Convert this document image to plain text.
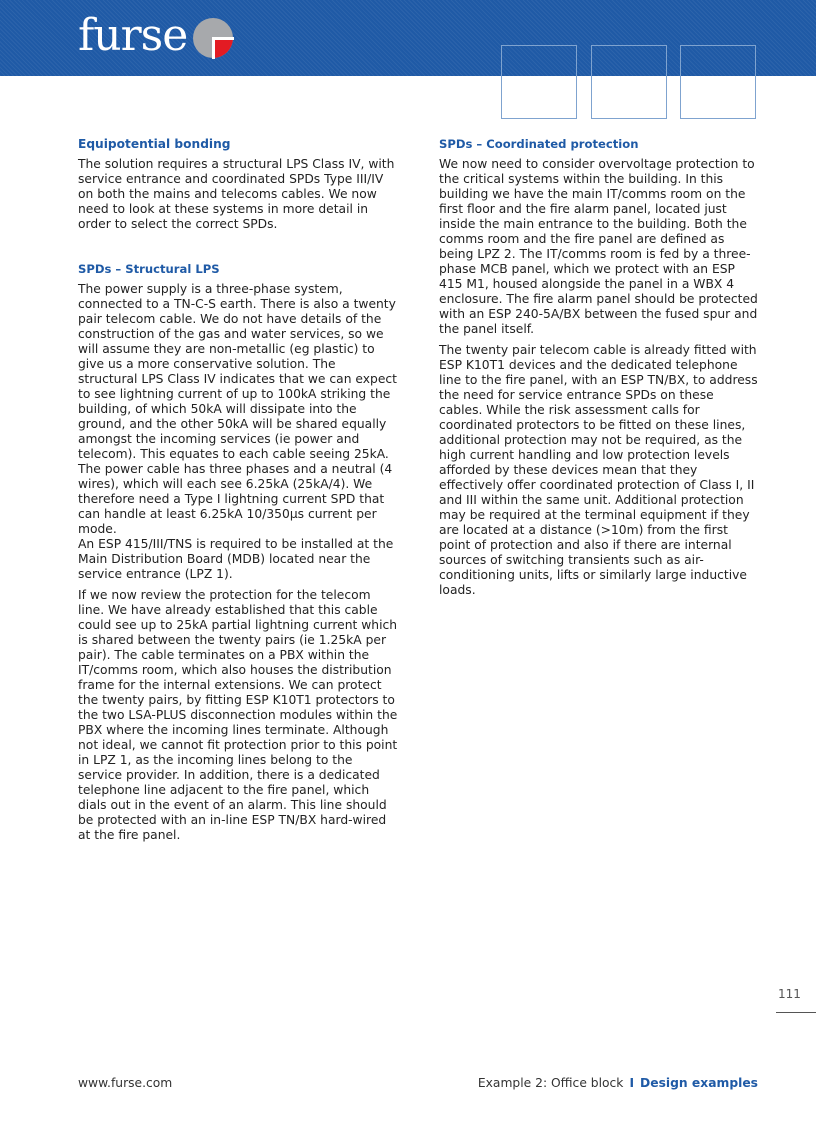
furse
Equipotential bonding
The solution requires a structural LPS Class IV, with service entrance and coordinated SPDs Type III/IV on both the mains and telecoms cables. We now need to look at these systems in more detail in order to select the correct SPDs.
SPDs – Structural LPS
The power supply is a three-phase system, connected to a TN-C-S earth. There is also a twenty pair telecom cable. We do not have details of the construction of the gas and water services, so we will assume they are non-metallic (eg plastic) to give us a more conservative solution. The structural LPS Class IV indicates that we can expect to see lightning current of up to 100kA striking the building, of which 50kA will dissipate into the ground, and the other 50kA will be shared equally amongst the incoming services (ie power and telecom). This equates to each cable seeing 25kA. The power cable has three phases and a neutral (4 wires), which will each see 6.25kA (25kA/4). We therefore need a Type I lightning current SPD that can handle at least 6.25kA 10/350µs current per mode.
An ESP 415/III/TNS is required to be installed at the Main Distribution Board (MDB) located near the service entrance (LPZ 1).
If we now review the protection for the telecom line. We have already established that this cable could see up to 25kA partial lightning current which is shared between the twenty pairs (ie 1.25kA per pair). The cable terminates on a PBX within the IT/comms room, which also houses the distribution frame for the internal extensions. We can protect the twenty pairs, by fitting ESP K10T1 protectors to the two LSA-PLUS disconnection modules within the PBX where the incoming lines terminate. Although not ideal, we cannot fit protection prior to this point in LPZ 1, as the incoming lines belong to the service provider. In addition, there is a dedicated telephone line adjacent to the fire panel, which dials out in the event of an alarm. This line should be protected with an in-line ESP TN/BX hard-wired at the fire panel.
SPDs – Coordinated protection
We now need to consider overvoltage protection to the critical systems within the building. In this building we have the main IT/comms room on the first floor and the fire alarm panel, located just inside the main entrance to the building. Both the comms room and the fire panel are defined as being LPZ 2. The IT/comms room is fed by a three-phase MCB panel, which we protect with an ESP 415 M1, housed alongside the panel in a WBX 4 enclosure. The fire alarm panel should be protected with an ESP 240-5A/BX between the fused spur and the panel itself.
The twenty pair telecom cable is already fitted with ESP K10T1 devices and the dedicated telephone line to the fire panel, with an ESP TN/BX, to address the need for service entrance SPDs on these cables. While the risk assessment calls for coordinated protectors to be fitted on these lines, additional protection may not be required, as the high current handling and low protection levels afforded by these devices mean that they effectively offer coordinated protection of Class I, II and III within the same unit. Additional protection may be required at the terminal equipment if they are located at a distance (>10m) from the first point of protection and also if there are internal sources of switching transients such as air-conditioning units, lifts or similarly large inductive loads.
111
www.furse.com	Example 2: Office block I Design examples
